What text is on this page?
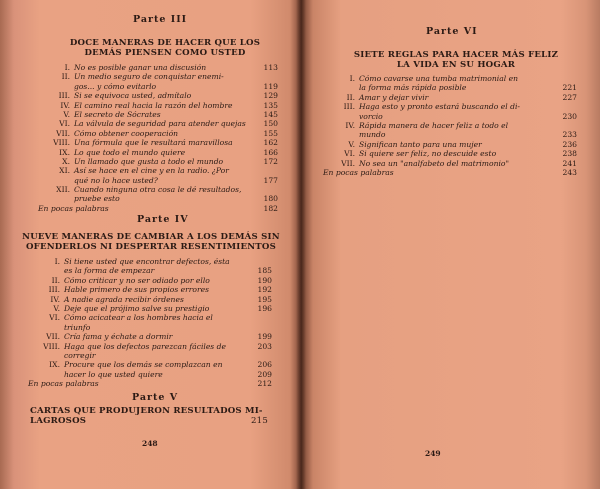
Parte III
DOCE MANERAS DE HACER QUE LOS
DEMÁS PIENSEN COMO USTED
I. No es posible ganar una discusión	113
II. Un medio seguro de conquistar enemi-
gos... y cómo evitarlo	119
III. Si se equivoca usted, admítalo	129
IV. El camino real hacia la razón del hombre	135
V. El secreto de Sócrates	145
VI. La válvula de seguridad para atender quejas 150
VII. Cómo obtener cooperación	155
VIII. Una fórmula que le resultará maravillosa	162
IX. Lo que todo el mundo quiere	166
X. Un llamado que gusta a todo el mundo	172
XI. Así se hace en el cine y en la radio. ¿Por
qué no lo hace usted?	177
XII. Cuando ninguna otra cosa le dé resultados,
pruebe esto	180
En pocas palabras	182
Parte IV
NUEVE MANERAS DE CAMBIAR A LOS DEMÁS SIN
OFENDERLOS NI DESPERTAR RESENTIMIENTOS
I. Si tiene usted que encontrar defectos, ésta
es la forma de empezar	185
II. Cómo criticar y no ser odiado por ello	190
III. Hable primero de sus propios errores	192
IV. A nadie agrada recibir órdenes	195
V. Deje que el prójimo salve su prestigio	196
VI. Cómo acicatear a los hombres hacia el
triunfo
VII. Cría fama y échate a dormir	199
VIII. Haga que los defectos parezcan fáciles de	203
corregir
IX. Procure que los demás se complazcan en	206
hacer lo que usted quiere	209
En pocas palabras	212
Parte V
CARTAS QUE PRODUJERON RESULTADOS MI-
LAGROSOS	215
248
Parte VI
SIETE REGLAS PARA HACER MÁS FELIZ
LA VIDA EN SU HOGAR
I. Cómo cavarse una tumba matrimonial en
la forma más rápida posible	221
II. Amar y dejar vivir	227
III. Haga esto y pronto estará buscando el di-
vorcio	230
IV. Rápida manera de hacer feliz a todo el
mundo	233
V. Significan tanto para una mujer	236
VI. Si quiere ser feliz, no descuide esto	238
VII. No sea un "analfabeto del matrimonio"	241
En pocas palabras	243
249
